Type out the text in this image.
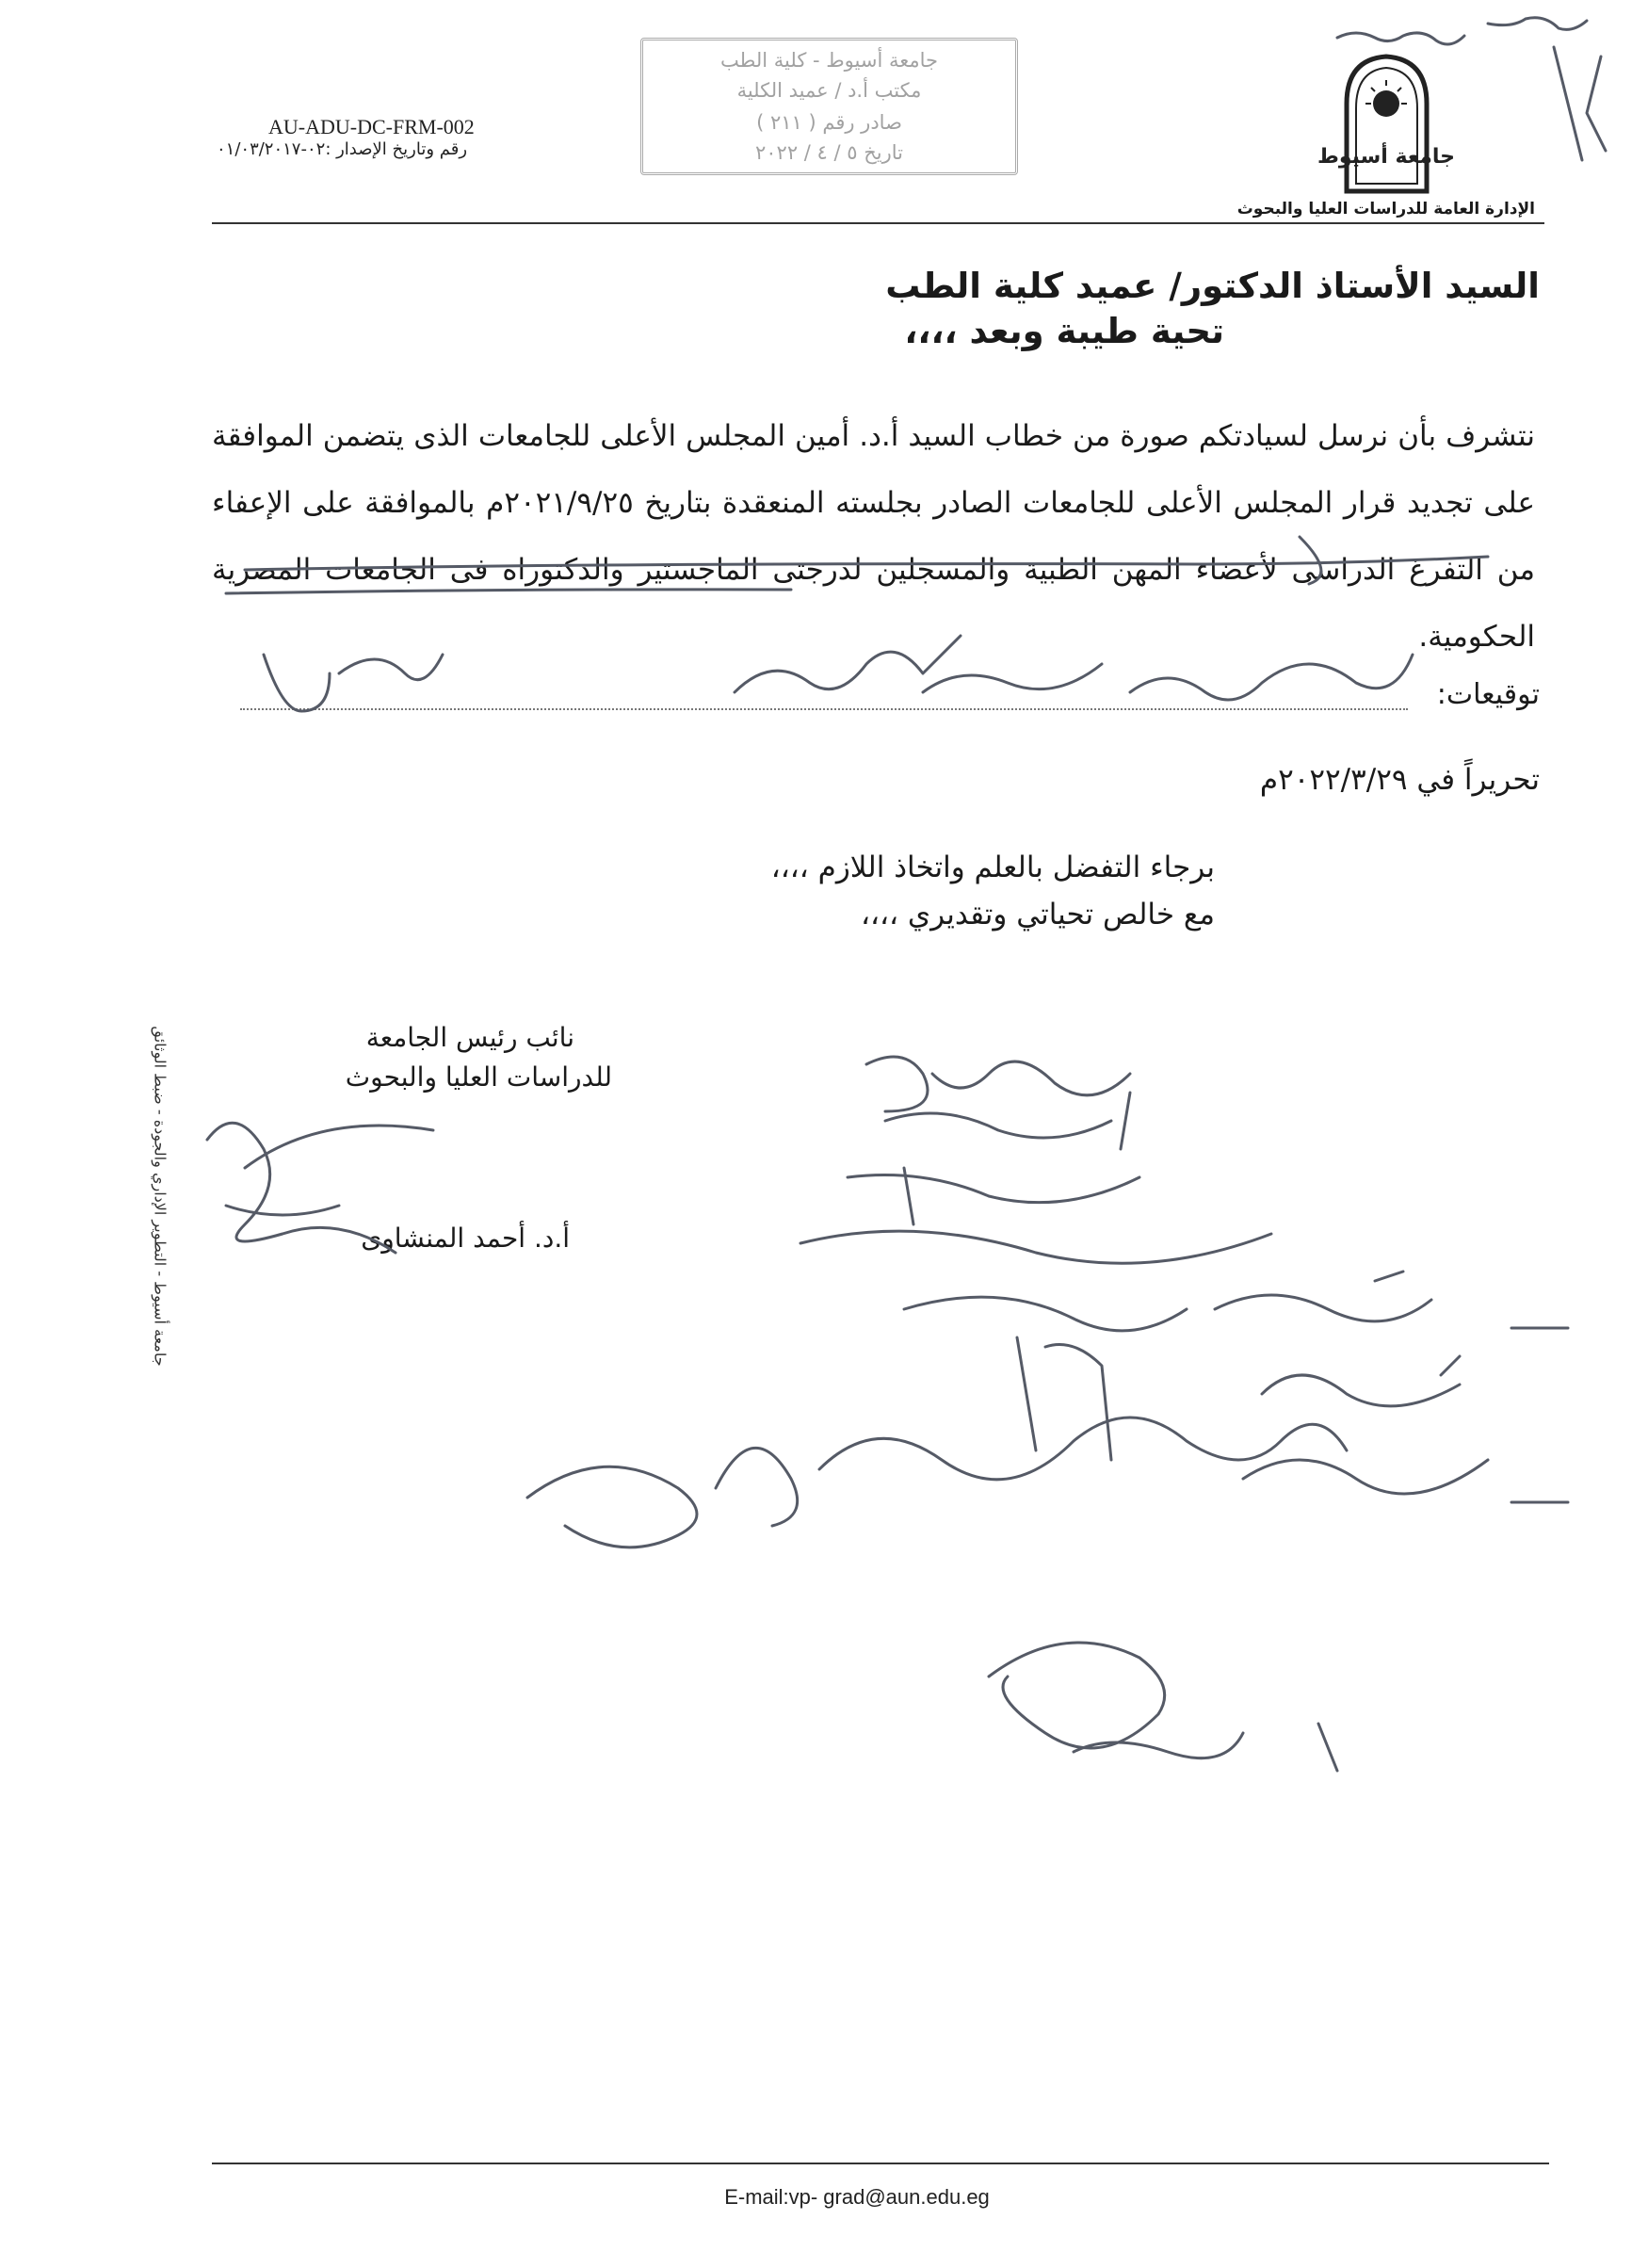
AU-ADU-DC-FRM-002
رقم وتاريخ الإصدار :٠٢-٠١/٠٣/٢٠١٧
جامعة أسيوط - كلية الطب
مكتب أ.د / عميد الكلية
صادر رقم ( ٢١١ )
تاريخ ٥ / ٤ / ٢٠٢٢	جامعة أسيوط
الإدارة العامة للدراسات العليا والبحوث
السيد الأستاذ الدكتور/ عميد كلية الطب
تحية طيبة وبعد ،،،،
نتشرف بأن نرسل لسيادتكم صورة من خطاب السيد أ.د. أمين المجلس الأعلى للجامعات الذى يتضمن الموافقة على تجديد قرار المجلس الأعلى للجامعات الصادر بجلسته المنعقدة بتاريخ ٢٠٢١/٩/٢٥م بالموافقة على الإعفاء من التفرغ الدراسى لأعضاء المهن الطبية والمسجلين لدرجتى الماجستير والدكتوراه فى الجامعات المصرية الحكومية.
توقيعات:
تحريراً في ٢٠٢٢/٣/٢٩م
برجاء التفضل بالعلم واتخاذ اللازم ،،،،
مع خالص تحياتي وتقديري ،،،،
نائب رئيس الجامعة
للدراسات العليا والبحوث
أ.د. أحمد المنشاوى
جامعة أسيوط - التطوير الإداري والجودة - ضبط الوثائق
E-mail:vp- grad@aun.edu.eg
